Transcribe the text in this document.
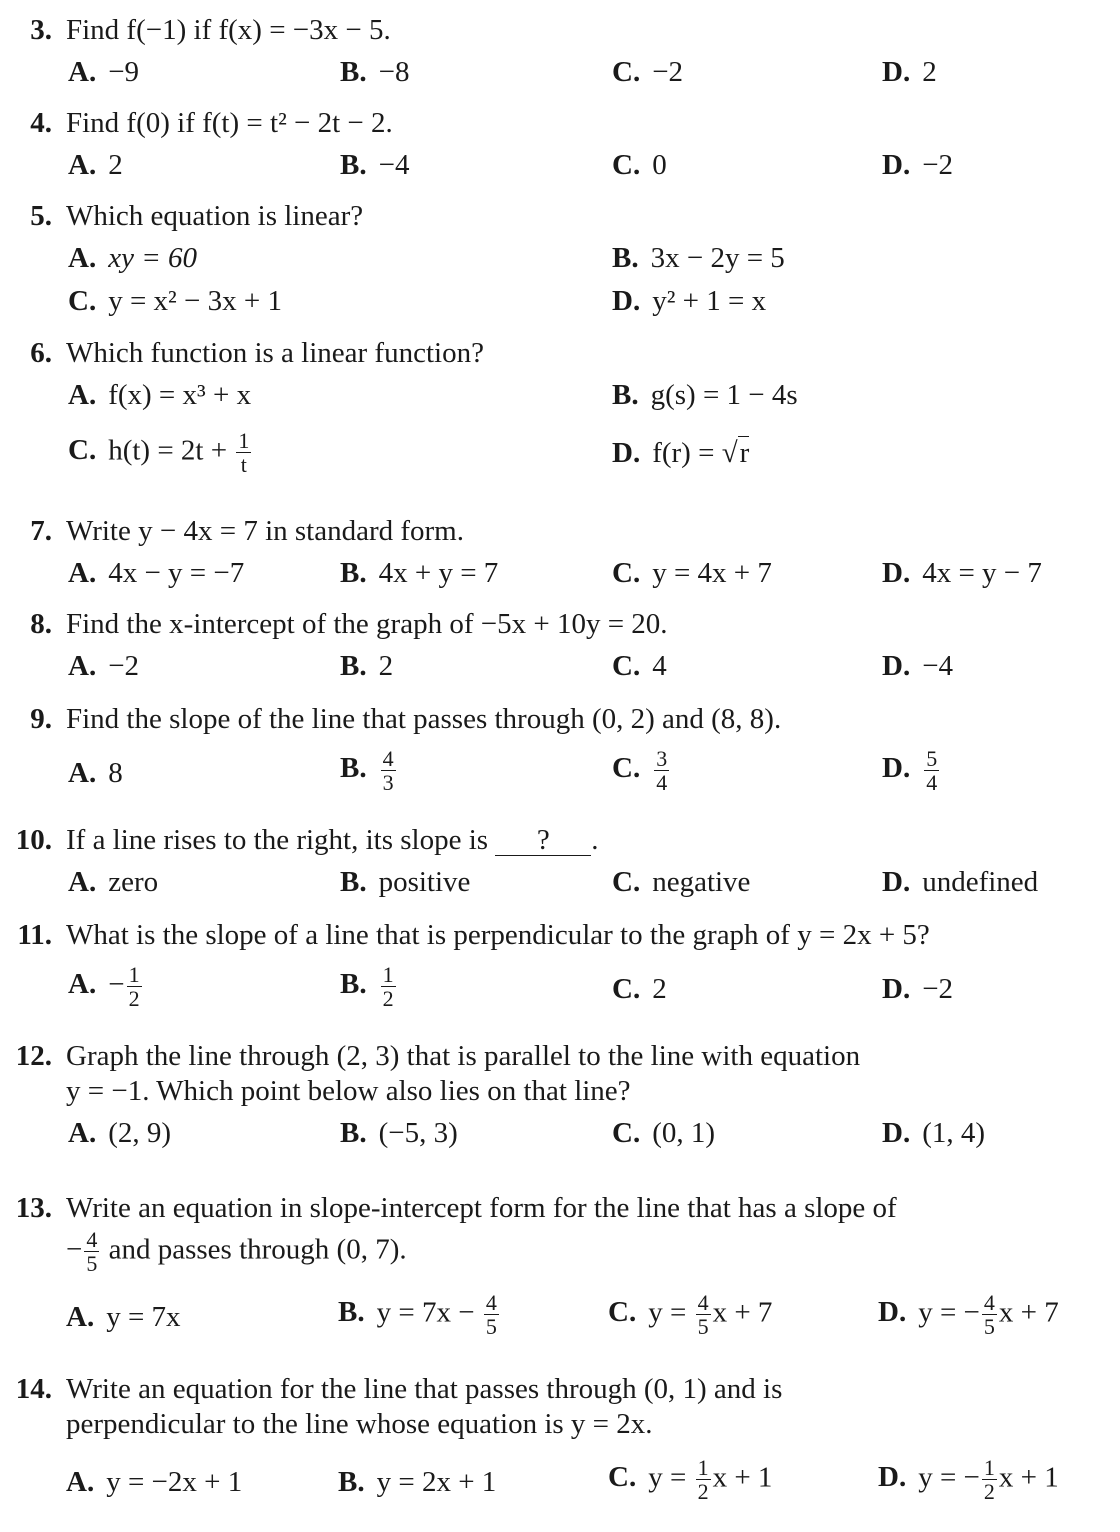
3. Find f(−1) if f(x) = −3x − 5.
A. −9	B. −8	C. −2	D. 2
4. Find f(0) if f(t) = t² − 2t − 2.
A. 2	B. −4	C. 0	D. −2
5. Which equation is linear?
A. xy = 60	B. 3x − 2y = 5
C. y = x² − 3x + 1	D. y² + 1 = x
6. Which function is a linear function?
A. f(x) = x³ + x	B. g(s) = 1 − 4s
C. $h(t) = 2t + \frac{1}{t}$	D. f(r) = √r
7. Write y − 4x = 7 in standard form.
A. 4x − y = −7	B. 4x + y = 7	C. y = 4x + 7	D. 4x = y − 7
8. Find the x-intercept of the graph of −5x + 10y = 20.
A. −2	B. 2	C. 4	D. −4
9. Find the slope of the line that passes through (0, 2) and (8, 8).
A. 8	B. $\frac{4}{3}$	C. $\frac{3}{4}$	D. $\frac{5}{4}$
10. If a line rises to the right, its slope is ? .
A. zero	B. positive	C. negative	D. undefined
11. What is the slope of a line that is perpendicular to the graph of y = 2x + 5?
A. − $\frac{1}{2}$	B. $\frac{1}{2}$	C. 2	D. −2
12. Graph the line through (2, 3) that is parallel to the line with equation
y = −1. Which point below also lies on that line?
A. (2, 9)	B. (−5, 3)	C. (0, 1)	D. (1, 4)
13. Write an equation in slope-intercept form for the line that has a slope of
− $\frac{4}{5}$ and passes through (0, 7).
A. y = 7x	B. $y = 7x - \frac{4}{5}$	C. $y = \frac{4}{5}$ x + 7	D. y = − $\frac{4}{5}$ x + 7
14. Write an equation for the line that passes through (0, 1) and is
perpendicular to the line whose equation is y = 2x.
A. y = −2x + 1	B. y = 2x + 1	C. $y = \frac{1}{2}$ x + 1	D. y = − $\frac{1}{2}$ x + 1
